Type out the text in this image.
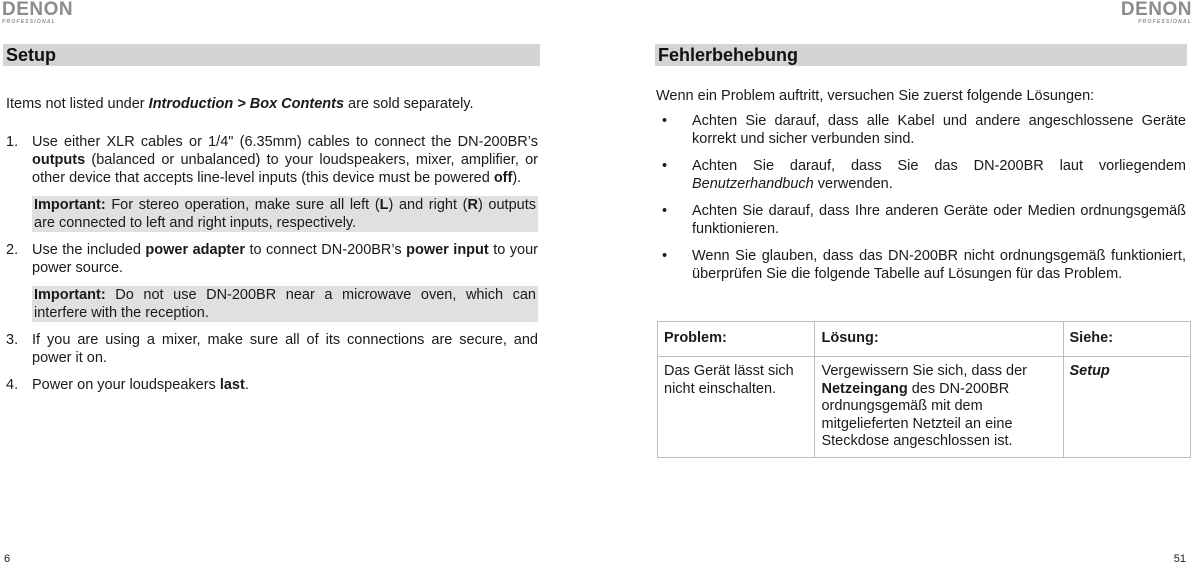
DENON
PROFESSIONAL
Setup
Items not listed under Introduction > Box Contents are sold separately.
1. Use either XLR cables or 1/4" (6.35mm) cables to connect the DN-200BR’s outputs (balanced or unbalanced) to your loudspeakers, mixer, amplifier, or other device that accepts line-level inputs (this device must be powered off).
Important: For stereo operation, make sure all left (L) and right (R) outputs are connected to left and right inputs, respectively.
2. Use the included power adapter to connect DN-200BR’s power input to your power source.
Important: Do not use DN-200BR near a microwave oven, which can interfere with the reception.
3. If you are using a mixer, make sure all of its connections are secure, and power it on.
4. Power on your loudspeakers last.
6
DENON
PROFESSIONAL
Fehlerbehebung
Wenn ein Problem auftritt, versuchen Sie zuerst folgende Lösungen:
• Achten Sie darauf, dass alle Kabel und andere angeschlossene Geräte korrekt und sicher verbunden sind.
• Achten Sie darauf, dass Sie das DN-200BR laut vorliegendem Benutzerhandbuch verwenden.
• Achten Sie darauf, dass Ihre anderen Geräte oder Medien ordnungsgemäß funktionieren.
• Wenn Sie glauben, dass das DN-200BR nicht ordnungsgemäß funktioniert, überprüfen Sie die folgende Tabelle auf Lösungen für das Problem.
Problem:	Lösung:	Siehe:
Das Gerät lässt sich nicht einschalten.	Vergewissern Sie sich, dass der Netzeingang des DN-200BR ordnungsgemäß mit dem mitgelieferten Netzteil an eine Steckdose angeschlossen ist.	Setup
51
